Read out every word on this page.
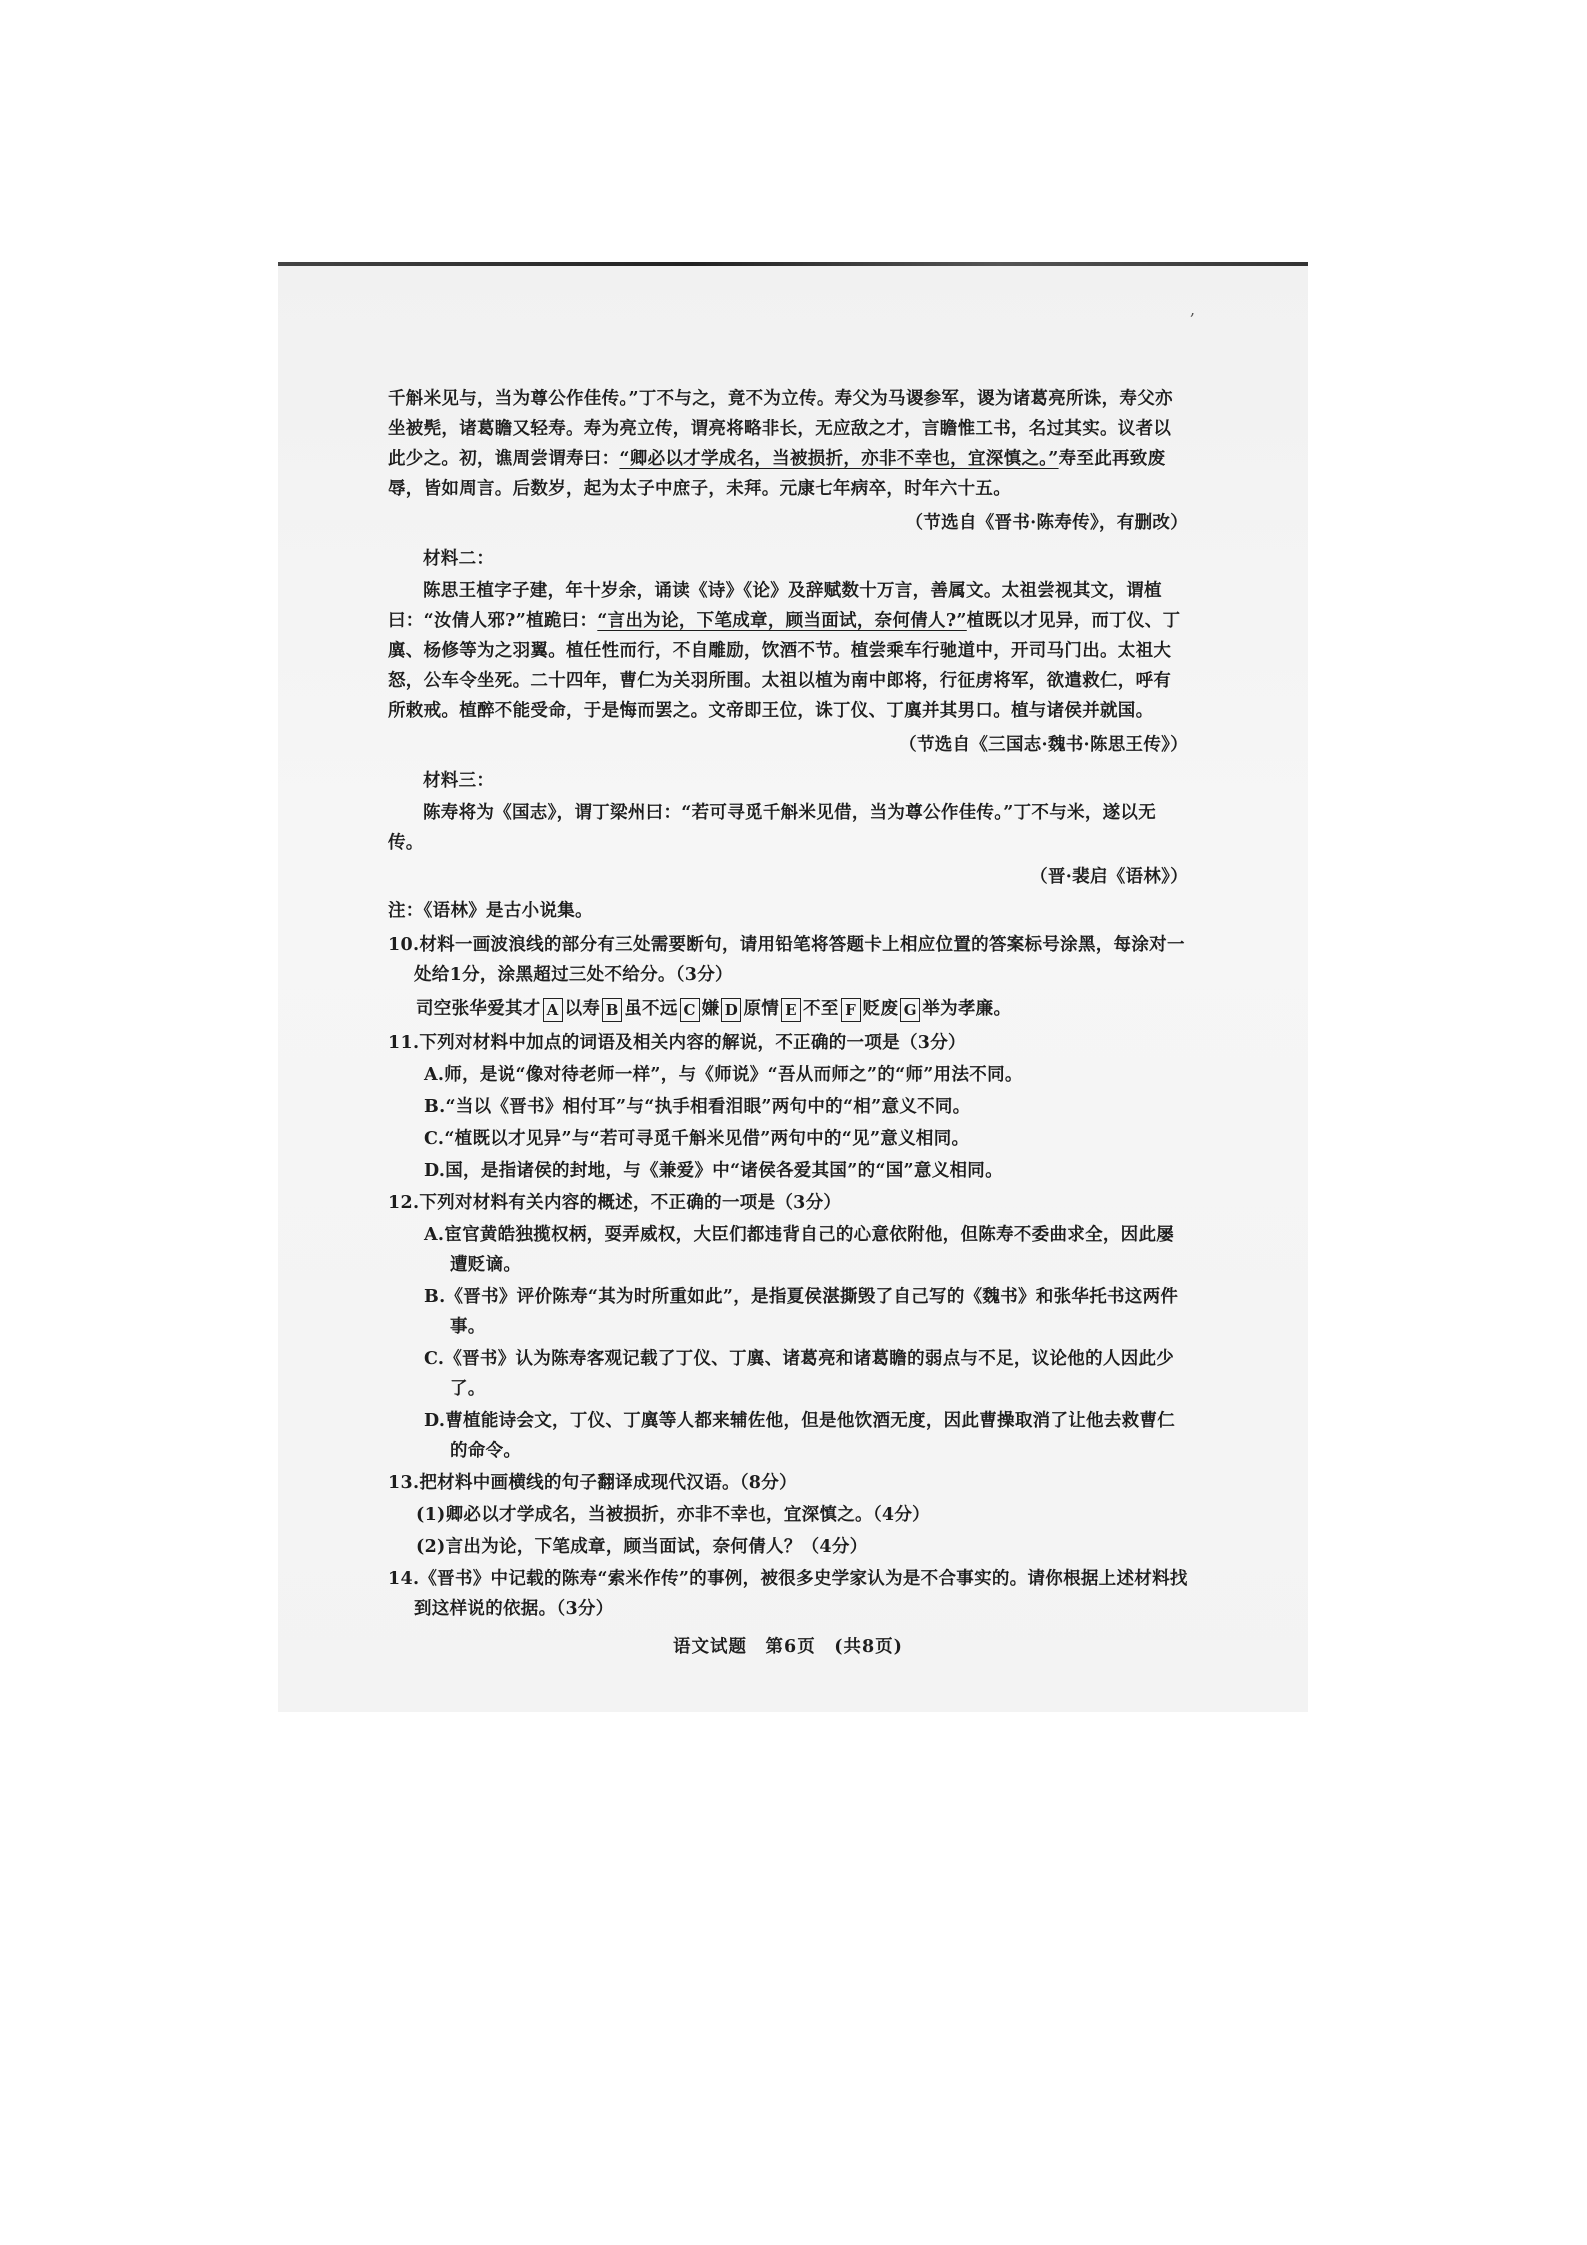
,

千斛米见与，当为尊公作佳传。”丁不与之，竟不为立传。寿父为马谡参军，谡为诸葛亮所诛，寿父亦坐被髡，诸葛瞻又轻寿。寿为亮立传，谓亮将略非长，无应敌之才，言瞻惟工书，名过其实。议者以此少之。初，谯周尝谓寿曰：“卿必以才学成名，当被损折，亦非不幸也，宜深慎之。”寿至此再致废辱，皆如周言。后数岁，起为太子中庶子，未拜。元康七年病卒，时年六十五。

（节选自《晋书·陈寿传》，有删改）

材料二：

陈思王植字子建，年十岁余，诵读《诗》《论》及辞赋数十万言，善属文。太祖尝视其文，谓植曰：“汝倩人邪?”植跪曰：“言出为论，下笔成章，顾当面试，奈何倩人?”植既以才见异，而丁仪、丁廙、杨修等为之羽翼。植任性而行，不自雕励，饮酒不节。植尝乘车行驰道中，开司马门出。太祖大怒，公车令坐死。二十四年，曹仁为关羽所围。太祖以植为南中郎将，行征虏将军，欲遣救仁，呼有所敕戒。植醉不能受命，于是悔而罢之。文帝即王位，诛丁仪、丁廙并其男口。植与诸侯并就国。

（节选自《三国志·魏书·陈思王传》）

材料三：

陈寿将为《国志》，谓丁梁州曰：“若可寻觅千斛米见借，当为尊公作佳传。”丁不与米，遂以无传。

（晋·裴启《语林》）

注：《语林》是古小说集。

10.材料一画波浪线的部分有三处需要断句，请用铅笔将答题卡上相应位置的答案标号涂黑，每涂对一处给1分，涂黑超过三处不给分。（3分）

司空张华爱其才 A 以寿 B 虽不远 C 嫌 D 原情 E 不至 F 贬废 G 举为孝廉。

11.下列对材料中加点的词语及相关内容的解说，不正确的一项是（3分）

A.师，是说“像对待老师一样”，与《师说》“吾从而师之”的“师”用法不同。

B.“当以《晋书》相付耳”与“执手相看泪眼”两句中的“相”意义不同。

C.“植既以才见异”与“若可寻觅千斛米见借”两句中的“见”意义相同。

D.国，是指诸侯的封地，与《兼爱》中“诸侯各爱其国”的“国”意义相同。

12.下列对材料有关内容的概述，不正确的一项是（3分）

A.宦官黄皓独揽权柄，耍弄威权，大臣们都违背自己的心意依附他，但陈寿不委曲求全，因此屡遭贬谪。

B.《晋书》评价陈寿“其为时所重如此”，是指夏侯湛撕毁了自己写的《魏书》和张华托书这两件事。

C.《晋书》认为陈寿客观记载了丁仪、丁廙、诸葛亮和诸葛瞻的弱点与不足，议论他的人因此少了。

D.曹植能诗会文，丁仪、丁廙等人都来辅佐他，但是他饮酒无度，因此曹操取消了让他去救曹仁的命令。

13.把材料中画横线的句子翻译成现代汉语。（8分）

(1)卿必以才学成名，当被损折，亦非不幸也，宜深慎之。（4分）

(2)言出为论，下笔成章，顾当面试，奈何倩人？（4分）

14.《晋书》中记载的陈寿“索米作传”的事例，被很多史学家认为是不合事实的。请你根据上述材料找到这样说的依据。（3分）

语文试题　第6页　(共8页)
